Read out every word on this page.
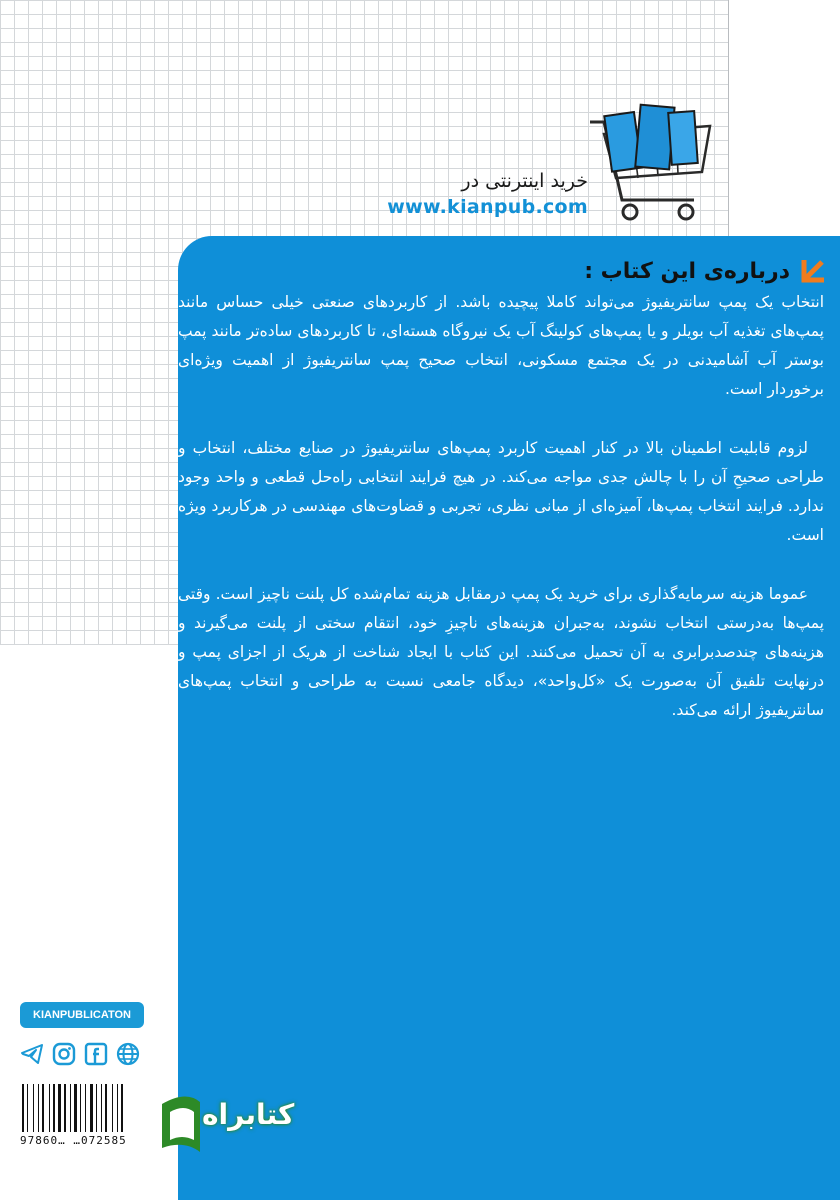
خرید اینترنتی در
www.kianpub.com
درباره‌ی این کتاب :

انتخاب یک پمپ سانتریفیوژ می‌تواند کاملا پیچیده باشد. از کاربردهای صنعتی خیلی حساس مانند پمپ‌های تغذیه آب بویلر و یا پمپ‌های کولینگ آب یک نیروگاه هسته‌ای، تا کاربردهای ساده‌تر مانند پمپ بوستر آب آشامیدنی در یک مجتمع مسکونی، انتخاب صحیح پمپ سانتریفیوژ از اهمیت ویژه‌ای برخوردار است.

لزوم قابلیت اطمینان بالا در کنار اهمیت کاربرد پمپ‌های سانتریفیوژ در صنایع مختلف، انتخاب و طراحی صحیحِ آن را با چالش جدی مواجه می‌کند. در هیچ فرایند انتخابی راه‌حل قطعی و واحد وجود ندارد. فرایند انتخاب پمپ‌ها، آمیزه‌ای از مبانی نظری، تجربی و قضاوت‌های مهندسی در هرکاربرد ویژه است.

عموما هزینه سرمایه‌گذاری برای خرید یک پمپ درمقابل هزینه تمام‌شده کل پلنت ناچیز است. وقتی پمپ‌ها به‌درستی انتخاب نشوند، به‌جبران هزینه‌های ناچیزِ خود، انتقام سختی از پلنت می‌گیرند و هزینه‌های چندصدبرابری به آن تحمیل می‌کنند. این کتاب با ایجاد شناخت از هریک از اجزای پمپ و درنهایت تلفیق آن به‌صورت یک «کل‌واحد»، دیدگاه جامعی نسبت به طراحی و انتخاب پمپ‌های سانتریفیوژ ارائه می‌کند.

KIANPUBLICATON
97860… …072585
کتابراه
